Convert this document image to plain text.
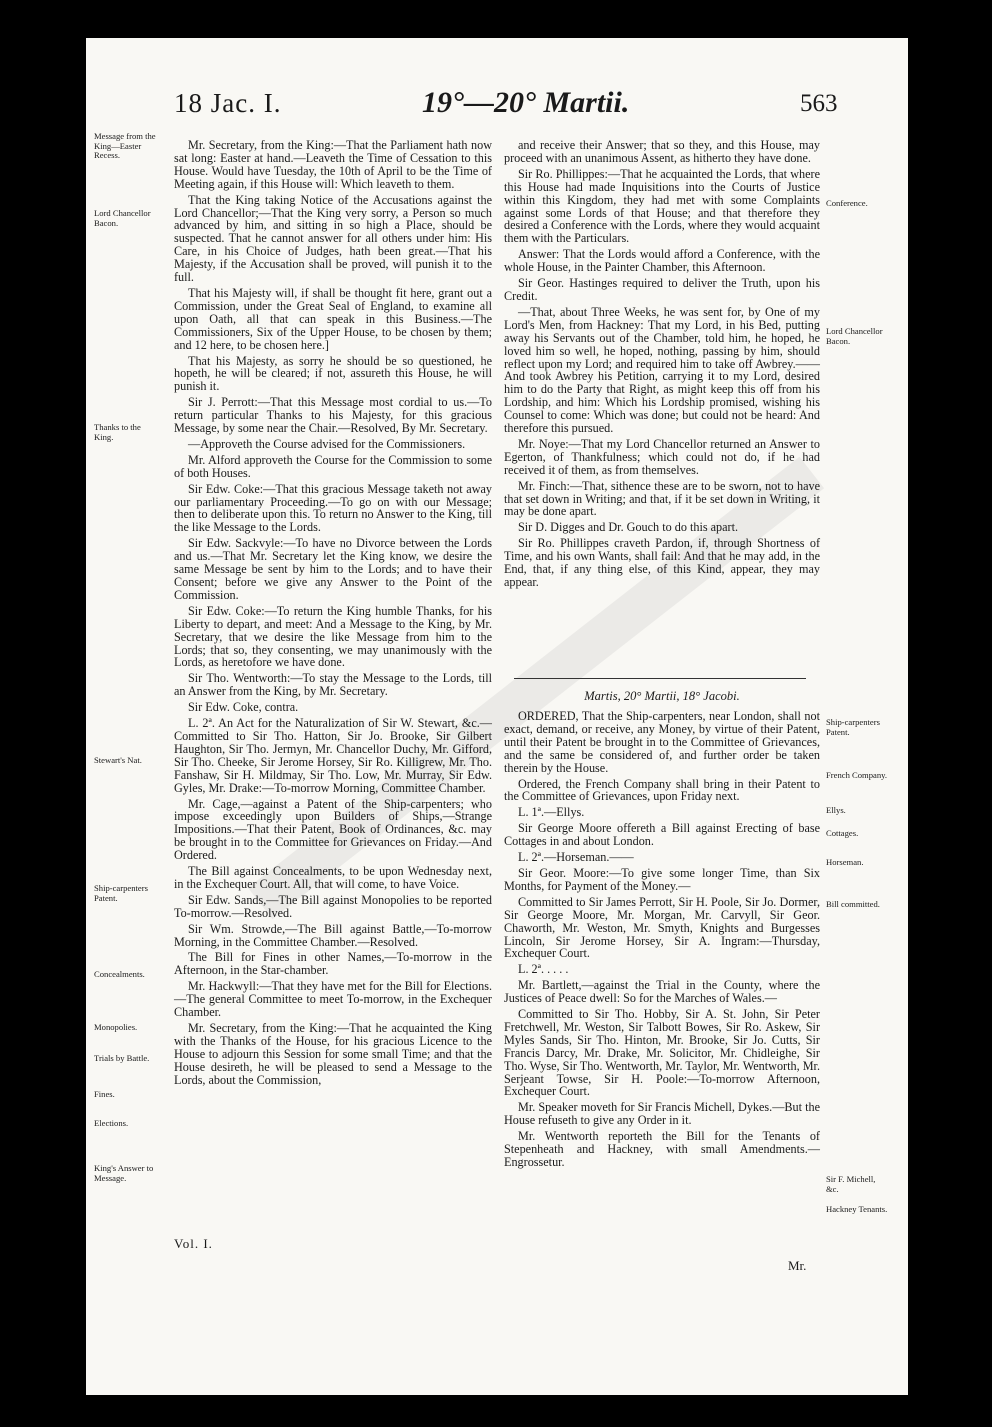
18 Jac. I.	19°—20° Martii.	563

Mr. Secretary, from the King:—That the Parliament hath now sat long: Easter at hand.—Leaveth the Time of Cessation to this House. Would have Tuesday, the 10th of April to be the Time of Meeting again, if this House will: Which leaveth to them.

That the King taking Notice of the Accusations against the Lord Chancellor;—That the King very sorry, a Person so much advanced by him, and sitting in so high a Place, should be suspected. That he cannot answer for all others under him: His Care, in his Choice of Judges, hath been great.—That his Majesty, if the Accusation shall be proved, will punish it to the full.

That his Majesty will, if shall be thought fit here, grant out a Commission, under the Great Seal of England, to examine all upon Oath, all that can speak in this Business.—The Commissioners, Six of the Upper House, to be chosen by them; and 12 here, to be chosen here.]

That his Majesty, as sorry he should be so questioned, he hopeth, he will be cleared; if not, assureth this House, he will punish it.

Sir J. Perrott:—That this Message most cordial to us.—To return particular Thanks to his Majesty, for this gracious Message, by some near the Chair.—Resolved, By Mr. Secretary.

—Approveth the Course advised for the Commissioners.

Mr. Alford approveth the Course for the Commission to some of both Houses.

Sir Edw. Coke:—That this gracious Message taketh not away our parliamentary Proceeding.—To go on with our Message; then to deliberate upon this. To return no Answer to the King, till the like Message to the Lords.

Sir Edw. Sackvyle:—To have no Divorce between the Lords and us.—That Mr. Secretary let the King know, we desire the same Message be sent by him to the Lords; and to have their Consent; before we give any Answer to the Point of the Commission.

Sir Edw. Coke:—To return the King humble Thanks, for his Liberty to depart, and meet: And a Message to the King, by Mr. Secretary, that we desire the like Message from him to the Lords; that so, they consenting, we may unanimously with the Lords, as heretofore we have done.

Sir Tho. Wentworth:—To stay the Message to the Lords, till an Answer from the King, by Mr. Secretary.

Sir Edw. Coke, contra.

L. 2ª. An Act for the Naturalization of Sir W. Stewart, &c.—Committed to Sir Tho. Hatton, Sir Jo. Brooke, Sir Gilbert Haughton, Sir Tho. Jermyn, Mr. Chancellor Duchy, Mr. Gifford, Sir Tho. Cheeke, Sir Jerome Horsey, Sir Ro. Killigrew, Mr. Tho. Fanshaw, Sir H. Mildmay, Sir Tho. Low, Mr. Murray, Sir Edw. Gyles, Mr. Drake:—To-morrow Morning, Committee Chamber.

Mr. Cage,—against a Patent of the Ship-carpenters; who impose exceedingly upon Builders of Ships,—Strange Impositions.—That their Patent, Book of Ordinances, &c. may be brought in to the Committee for Grievances on Friday.—And Ordered.

The Bill against Concealments, to be upon Wednesday next, in the Exchequer Court. All, that will come, to have Voice.

Sir Edw. Sands,—The Bill against Monopolies to be reported To-morrow.—Resolved.

Sir Wm. Strowde,—The Bill against Battle,—To-morrow Morning, in the Committee Chamber.—Resolved.

The Bill for Fines in other Names,—To-morrow in the Afternoon, in the Star-chamber.

Mr. Hackwyll:—That they have met for the Bill for Elections.—The general Committee to meet To-morrow, in the Exchequer Chamber.

Mr. Secretary, from the King:—That he acquainted the King with the Thanks of the House, for his gracious Licence to the House to adjourn this Session for some small Time; and that the House desireth, he will be pleased to send a Message to the Lords, about the Commission,

and receive their Answer; that so they, and this House, may proceed with an unanimous Assent, as hitherto they have done.

Sir Ro. Phillippes:—That he acquainted the Lords, that where this House had made Inquisitions into the Courts of Justice within this Kingdom, they had met with some Complaints against some Lords of that House; and that therefore they desired a Conference with the Lords, where they would acquaint them with the Particulars.

Answer: That the Lords would afford a Conference, with the whole House, in the Painter Chamber, this Afternoon.

Sir Geor. Hastinges required to deliver the Truth, upon his Credit.

—That, about Three Weeks, he was sent for, by One of my Lord's Men, from Hackney: That my Lord, in his Bed, putting away his Servants out of the Chamber, told him, he hoped, he loved him so well, he hoped, nothing, passing by him, should reflect upon my Lord; and required him to take off Awbrey.——And took Awbrey his Petition, carrying it to my Lord, desired him to do the Party that Right, as might keep this off from his Lordship, and him: Which his Lordship promised, wishing his Counsel to come: Which was done; but could not be heard: And therefore this pursued.

Mr. Noye:—That my Lord Chancellor returned an Answer to Egerton, of Thankfulness; which could not do, if he had received it of them, as from themselves.

Mr. Finch:—That, sithence these are to be sworn, not to have that set down in Writing; and that, if it be set down in Writing, it may be done apart.

Sir D. Digges and Dr. Gouch to do this apart.

Sir Ro. Phillippes craveth Pardon, if, through Shortness of Time, and his own Wants, shall fail: And that he may add, in the End, that, if any thing else, of this Kind, appear, they may appear.

Martis, 20° Martii, 18° Jacobi.

ORDERED, That the Ship-carpenters, near London, shall not exact, demand, or receive, any Money, by virtue of their Patent, until their Patent be brought in to the Committee of Grievances, and the same be considered of, and further order be taken therein by the House.

Ordered, the French Company shall bring in their Patent to the Committee of Grievances, upon Friday next.

L. 1ª.—Ellys.

Sir George Moore offereth a Bill against Erecting of base Cottages in and about London.

L. 2ª.—Horseman.——

Sir Geor. Moore:—To give some longer Time, than Six Months, for Payment of the Money.—

Committed to Sir James Perrott, Sir H. Poole, Sir Jo. Dormer, Sir George Moore, Mr. Morgan, Mr. Carvyll, Sir Geor. Chaworth, Mr. Weston, Mr. Smyth, Knights and Burgesses Lincoln, Sir Jerome Horsey, Sir A. Ingram:—Thursday, Exchequer Court.

L. 2ª. . . . .

Mr. Bartlett,—against the Trial in the County, where the Justices of Peace dwell: So for the Marches of Wales.—

Committed to Sir Tho. Hobby, Sir A. St. John, Sir Peter Fretchwell, Mr. Weston, Sir Talbott Bowes, Sir Ro. Askew, Sir Myles Sands, Sir Tho. Hinton, Mr. Brooke, Sir Jo. Cutts, Sir Francis Darcy, Mr. Drake, Mr. Solicitor, Mr. Chidleighe, Sir Tho. Wyse, Sir Tho. Wentworth, Mr. Taylor, Mr. Wentworth, Mr. Serjeant Towse, Sir H. Poole:—To-morrow Afternoon, Exchequer Court.

Mr. Speaker moveth for Sir Francis Michell, Dykes.—But the House refuseth to give any Order in it.

Mr. Wentworth reporteth the Bill for the Tenants of Stepenheath and Hackney, with small Amendments.—Engrossetur.

Message from the King—Easter Recess.
Lord Chancellor Bacon.
Thanks to the King.
Stewart's Nat.
Ship-carpenters Patent.
Concealments.
Monopolies.
Trials by Battle.
Fines.
Elections.
King's Answer to Message.
Conference.
Lord Chancellor Bacon.
Ship-carpenters Patent.
French Company.
Ellys.
Cottages.
Horseman.
Bill committed.
Sir F. Michell, &c.
Hackney Tenants.
Vol. I.
Mr.
